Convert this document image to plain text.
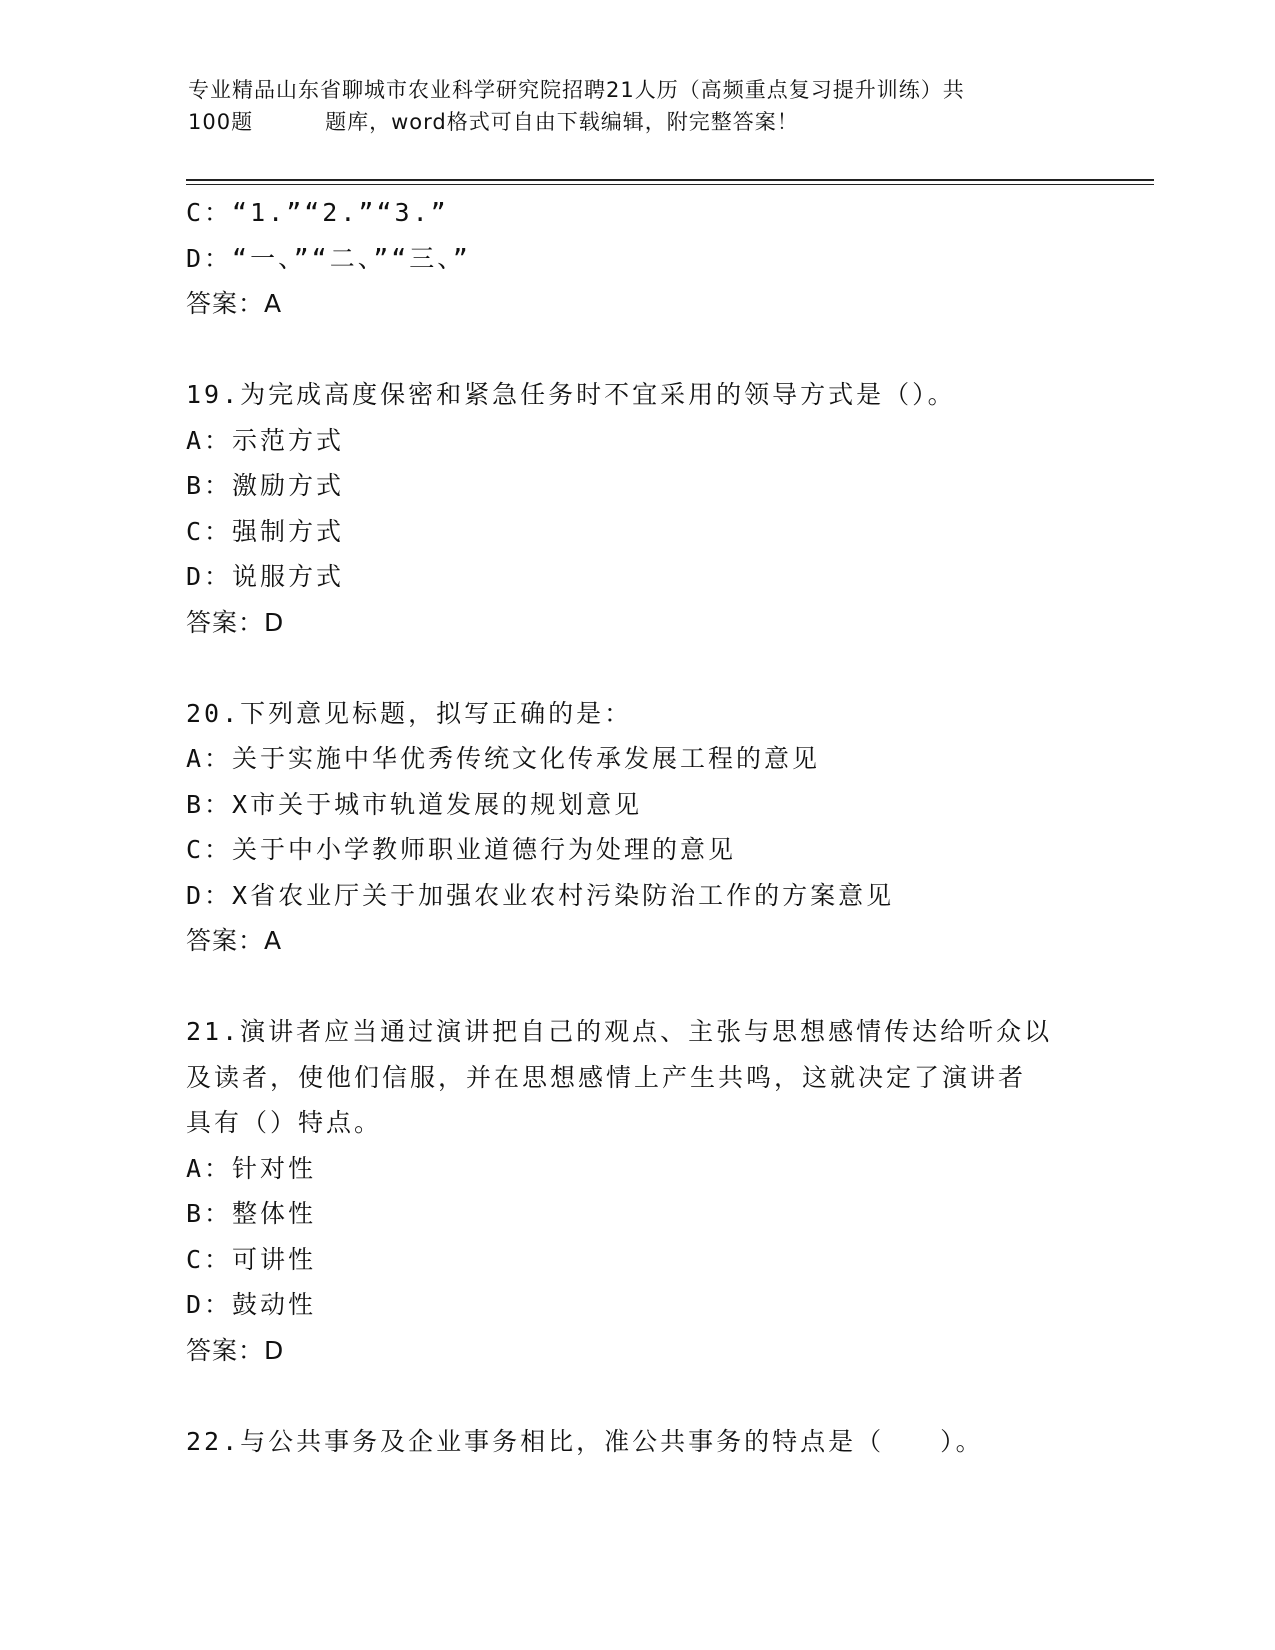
专业精品山东省聊城市农业科学研究院招聘21人历（高频重点复习提升训练）共
100题	题库，word格式可自由下载编辑，附完整答案！
C：“1.”“2.”“3.”
D：“一、”“二、”“三、”
答案：A
19.为完成高度保密和紧急任务时不宜采用的领导方式是（）。
A：示范方式
B：激励方式
C：强制方式
D：说服方式
答案：D
20.下列意见标题，拟写正确的是：
A：关于实施中华优秀传统文化传承发展工程的意见
B：X市关于城市轨道发展的规划意见
C：关于中小学教师职业道德行为处理的意见
D：X省农业厅关于加强农业农村污染防治工作的方案意见
答案：A
21.演讲者应当通过演讲把自己的观点、主张与思想感情传达给听众以
及读者，使他们信服，并在思想感情上产生共鸣，这就决定了演讲者
具有（）特点。
A：针对性
B：整体性
C：可讲性
D：鼓动性
答案：D
22.与公共事务及企业事务相比，准公共事务的特点是（　　）。
